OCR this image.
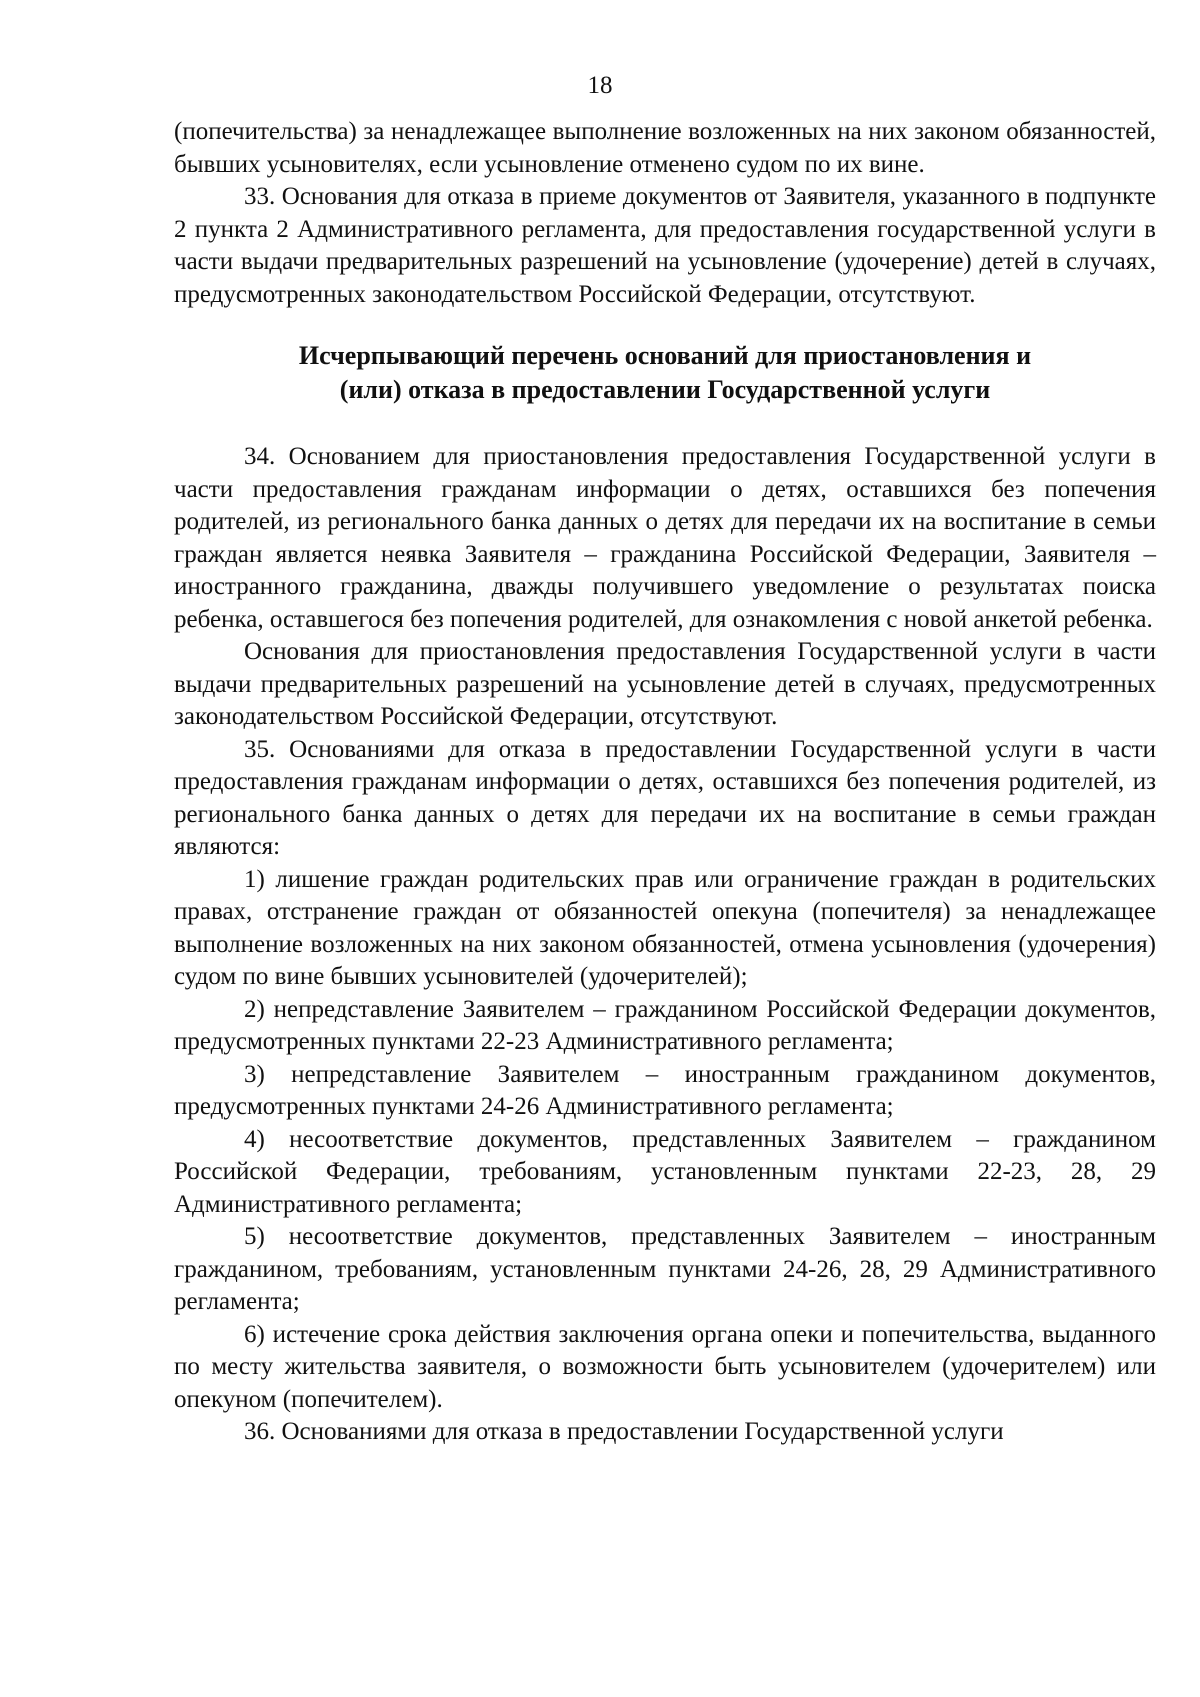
18

(попечительства) за ненадлежащее выполнение возложенных на них законом обязанностей, бывших усыновителях, если усыновление отменено судом по их вине.

33. Основания для отказа в приеме документов от Заявителя, указанного в подпункте 2 пункта 2 Административного регламента, для предоставления государственной услуги в части выдачи предварительных разрешений на усыновление (удочерение) детей в случаях, предусмотренных законодательством Российской Федерации, отсутствуют.

Исчерпывающий перечень оснований для приостановления и
(или) отказа в предоставлении Государственной услуги

34. Основанием для приостановления предоставления Государственной услуги в части предоставления гражданам информации о детях, оставшихся без попечения родителей, из регионального банка данных о детях для передачи их на воспитание в семьи граждан является неявка Заявителя – гражданина Российской Федерации, Заявителя – иностранного гражданина, дважды получившего уведомление о результатах поиска ребенка, оставшегося без попечения родителей, для ознакомления с новой анкетой ребенка.

Основания для приостановления предоставления Государственной услуги в части выдачи предварительных разрешений на усыновление детей в случаях, предусмотренных законодательством Российской Федерации, отсутствуют.

35. Основаниями для отказа в предоставлении Государственной услуги в части предоставления гражданам информации о детях, оставшихся без попечения родителей, из регионального банка данных о детях для передачи их на воспитание в семьи граждан являются:

1) лишение граждан родительских прав или ограничение граждан в родительских правах, отстранение граждан от обязанностей опекуна (попечителя) за ненадлежащее выполнение возложенных на них законом обязанностей, отмена усыновления (удочерения) судом по вине бывших усыновителей (удочерителей);

2) непредставление Заявителем – гражданином Российской Федерации документов, предусмотренных пунктами 22-23 Административного регламента;

3) непредставление Заявителем – иностранным гражданином документов, предусмотренных пунктами 24-26 Административного регламента;

4) несоответствие документов, представленных Заявителем – гражданином Российской Федерации, требованиям, установленным пунктами 22-23, 28, 29 Административного регламента;

5) несоответствие документов, представленных Заявителем – иностранным гражданином, требованиям, установленным пунктами 24-26, 28, 29 Административного регламента;

6) истечение срока действия заключения органа опеки и попечительства, выданного по месту жительства заявителя, о возможности быть усыновителем (удочерителем) или опекуном (попечителем).

36. Основаниями для отказа в предоставлении Государственной услуги
